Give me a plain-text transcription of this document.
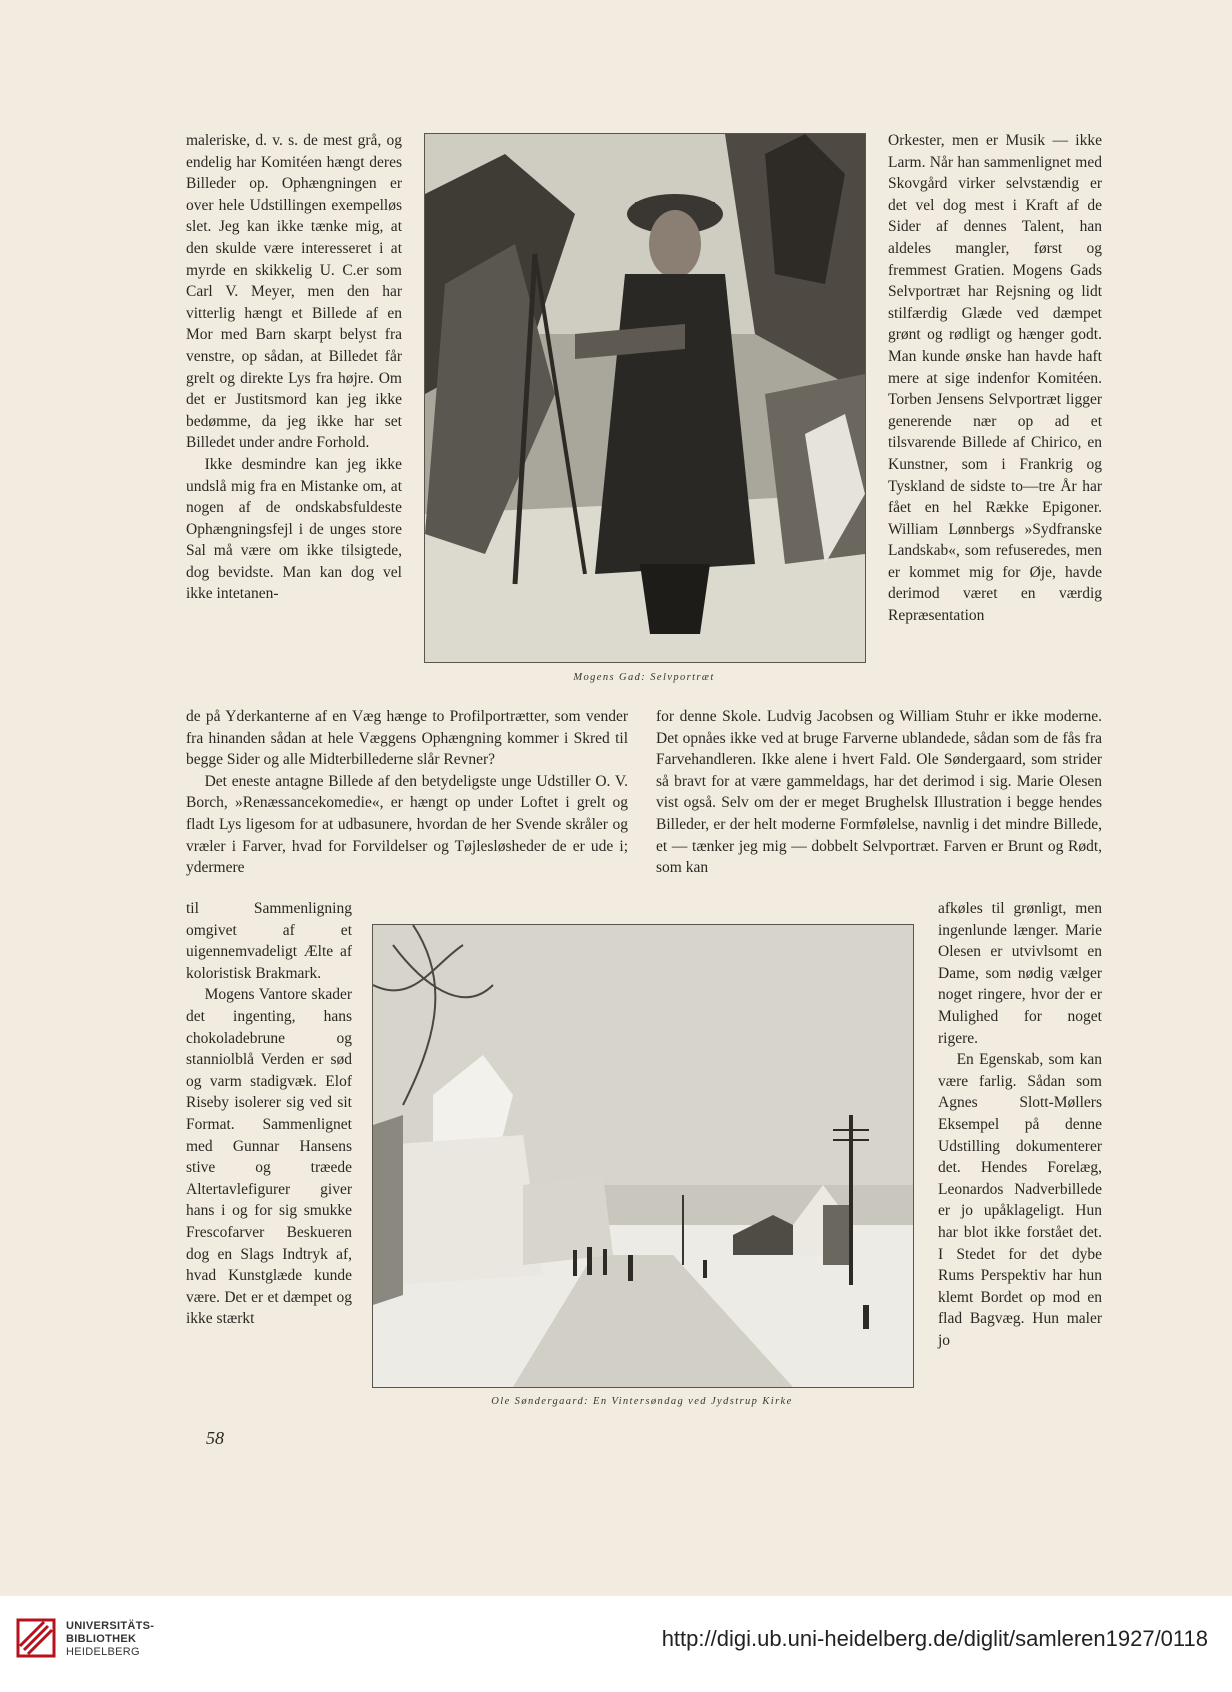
maleriske, d. v. s. de mest grå, og endelig har Komitéen hængt deres Billeder op. Ophængningen er over hele Udstillingen exempelløs slet. Jeg kan ikke tænke mig, at den skulde være interesseret i at myrde en skikkelig U. C.er som Carl V. Meyer, men den har vitterlig hængt et Billede af en Mor med Barn skarpt belyst fra venstre, op sådan, at Billedet får grelt og direkte Lys fra højre. Om det er Justitsmord kan jeg ikke bedømme, da jeg ikke har set Billedet under andre Forhold.

Ikke desmindre kan jeg ikke undslå mig fra en Mistanke om, at nogen af de ondskabsfuldeste Ophængningsfejl i de unges store Sal må være om ikke tilsigtede, dog bevidste. Man kan dog vel ikke intetanen-

Mogens Gad: Selvportræt

Orkester, men er Musik — ikke Larm. Når han sammenlignet med Skovgård virker selvstændig er det vel dog mest i Kraft af de Sider af dennes Talent, han aldeles mangler, først og fremmest Gratien. Mogens Gads Selvportræt har Rejsning og lidt stilfærdig Glæde ved dæmpet grønt og rødligt og hænger godt. Man kunde ønske han havde haft mere at sige indenfor Komitéen. Torben Jensens Selvportræt ligger generende nær op ad et tilsvarende Billede af Chirico, en Kunstner, som i Frankrig og Tyskland de sidste to—tre År har fået en hel Række Epigoner. William Lønnbergs »Sydfranske Landskab«, som refuseredes, men er kommet mig for Øje, havde derimod været en værdig Repræsentation

de på Yderkanterne af en Væg hænge to Profilportrætter, som vender fra hinanden sådan at hele Væggens Ophængning kommer i Skred til begge Sider og alle Midterbillederne slår Revner?

Det eneste antagne Billede af den betydeligste unge Udstiller O. V. Borch, »Renæssancekomedie«, er hængt op under Loftet i grelt og fladt Lys ligesom for at udbasunere, hvordan de her Svende skråler og vræler i Farver, hvad for Forvildelser og Tøjlesløsheder de er ude i; ydermere

for denne Skole. Ludvig Jacobsen og William Stuhr er ikke moderne. Det opnåes ikke ved at bruge Farverne ublandede, sådan som de fås fra Farvehandleren. Ikke alene i hvert Fald. Ole Søndergaard, som strider så bravt for at være gammeldags, har det derimod i sig. Marie Olesen vist også. Selv om der er meget Brughelsk Illustration i begge hendes Billeder, er der helt moderne Formfølelse, navnlig i det mindre Billede, et — tænker jeg mig — dobbelt Selvportræt. Farven er Brunt og Rødt, som kan

til Sammenligning omgivet af et uigennemvadeligt Ælte af koloristisk Brakmark.

Mogens Vantore skader det ingenting, hans chokoladebrune og stanniolblå Verden er sød og varm stadigvæk. Elof Riseby isolerer sig ved sit Format. Sammenlignet med Gunnar Hansens stive og træede Altertavlefigurer giver hans i og for sig smukke Frescofarver Beskueren dog en Slags Indtryk af, hvad Kunstglæde kunde være. Det er et dæmpet og ikke stærkt

Ole Søndergaard: En Vintersøndag ved Jydstrup Kirke

afkøles til grønligt, men ingenlunde længer. Marie Olesen er utvivlsomt en Dame, som nødig vælger noget ringere, hvor der er Mulighed for noget rigere.

En Egenskab, som kan være farlig. Sådan som Agnes Slott-Møllers Eksempel på denne Udstilling dokumenterer det. Hendes Forelæg, Leonardos Nadverbillede er jo upåklageligt. Hun har blot ikke forstået det. I Stedet for det dybe Rums Perspektiv har hun klemt Bordet op mod en flad Bagvæg. Hun maler jo

58
UNIVERSITÄTS-
BIBLIOTHEK
HEIDELBERG
http://digi.ub.uni-heidelberg.de/diglit/samleren1927/0118
